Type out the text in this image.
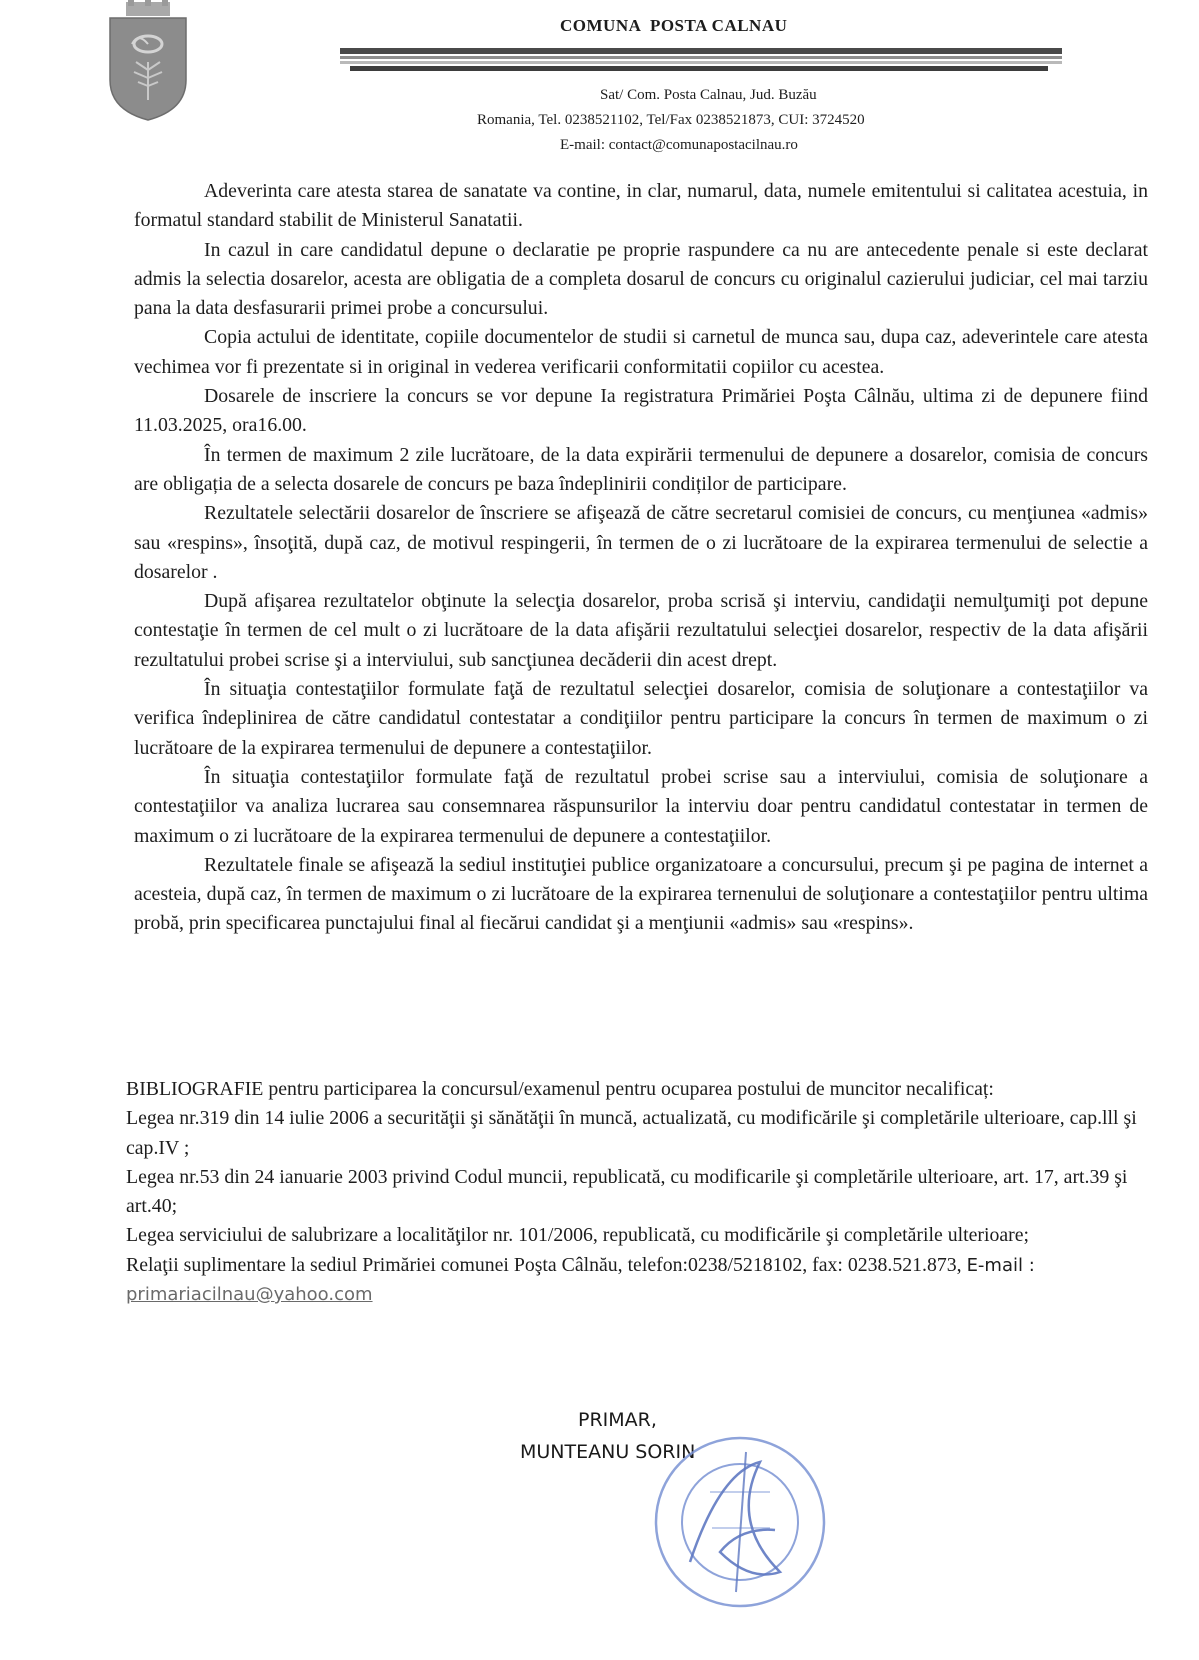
COMUNA  POSTA CALNAU
Sat/ Com. Posta Calnau, Jud. Buzău
Romania, Tel. 0238521102, Tel/Fax 0238521873, CUI: 3724520
E-mail: contact@comunapostacilnau.ro

Adeverinta care atesta starea de sanatate va contine, in clar, numarul, data, numele emitentului si calitatea acestuia, in formatul standard stabilit de Ministerul Sanatatii.

In cazul in care candidatul depune o declaratie pe proprie raspundere ca nu are antecedente penale si este declarat admis la selectia dosarelor, acesta are obligatia de a completa dosarul de concurs cu originalul cazierului judiciar, cel mai tarziu pana la data desfasurarii primei probe a concursului.

Copia actului de identitate, copiile documentelor de studii si carnetul de munca sau, dupa caz, adeverintele care atesta vechimea vor fi prezentate si in original in vederea verificarii conformitatii copiilor cu acestea.

Dosarele de inscriere la concurs se vor depune Ia registratura Primăriei Poşta Câlnău, ultima zi de depunere fiind 11.03.2025, ora16.00.

În termen de maximum 2 zile lucrătoare, de la data expirării termenului de depunere a dosarelor, comisia de concurs are obligația de a selecta dosarele de concurs pe baza îndeplinirii condiților de participare.

Rezultatele selectării dosarelor de înscriere se afişează de către secretarul comisiei de concurs, cu menţiunea «admis» sau «respins», însoţită, după caz, de motivul respingerii, în termen de o zi lucrătoare de la expirarea termenului de selectie a dosarelor .

După afişarea rezultatelor obţinute la selecţia dosarelor, proba scrisă şi interviu, candidaţii nemulţumiţi pot depune contestaţie în termen de cel mult o zi lucrătoare de la data afişării rezultatului selecţiei dosarelor, respectiv de la data afişării rezultatului probei scrise şi a interviului, sub sancţiunea decăderii din acest drept.

În situaţia contestaţiilor formulate faţă de rezultatul selecţiei dosarelor, comisia de soluţionare a contestaţiilor va verifica îndeplinirea de către candidatul contestatar a condiţiilor pentru participare la concurs în termen de maximum o zi lucrătoare de la expirarea termenului de depunere a contestaţiilor.

În situaţia contestaţiilor formulate faţă de rezultatul probei scrise sau a interviului, comisia de soluţionare a contestaţiilor va analiza lucrarea sau consemnarea răspunsurilor la interviu doar pentru candidatul contestatar in termen de maximum o zi lucrătoare de la expirarea termenului de depunere a contestaţiilor.

Rezultatele finale se afişează la sediul instituţiei publice organizatoare a concursului, precum şi pe pagina de internet a acesteia, după caz, în termen de maximum o zi lucrătoare de la expirarea ternenului de soluţionare a contestaţiilor pentru ultima probă, prin specificarea punctajului final al fiecărui candidat şi a menţiunii «admis» sau «respins».

BIBLIOGRAFIE pentru participarea la concursul/examenul pentru ocuparea postului de muncitor necalificaț:

Legea nr.319 din 14 iulie 2006 a securităţii şi sănătăţii în muncă, actualizată, cu modificările şi completările ulterioare, cap.lll şi cap.IV ;

Legea nr.53 din 24 ianuarie 2003 privind Codul muncii, republicată, cu modificarile şi completările ulterioare, art. 17, art.39 şi art.40;

Legea serviciului de salubrizare a localităţilor nr. 101/2006, republicată, cu modificările şi completările ulterioare;

Relaţii suplimentare la sediul Primăriei comunei Poşta Câlnău, telefon:0238/5218102, fax: 0238.521.873, E-mail : primariacilnau@yahoo.com

PRIMAR,
MUNTEANU SORIN
